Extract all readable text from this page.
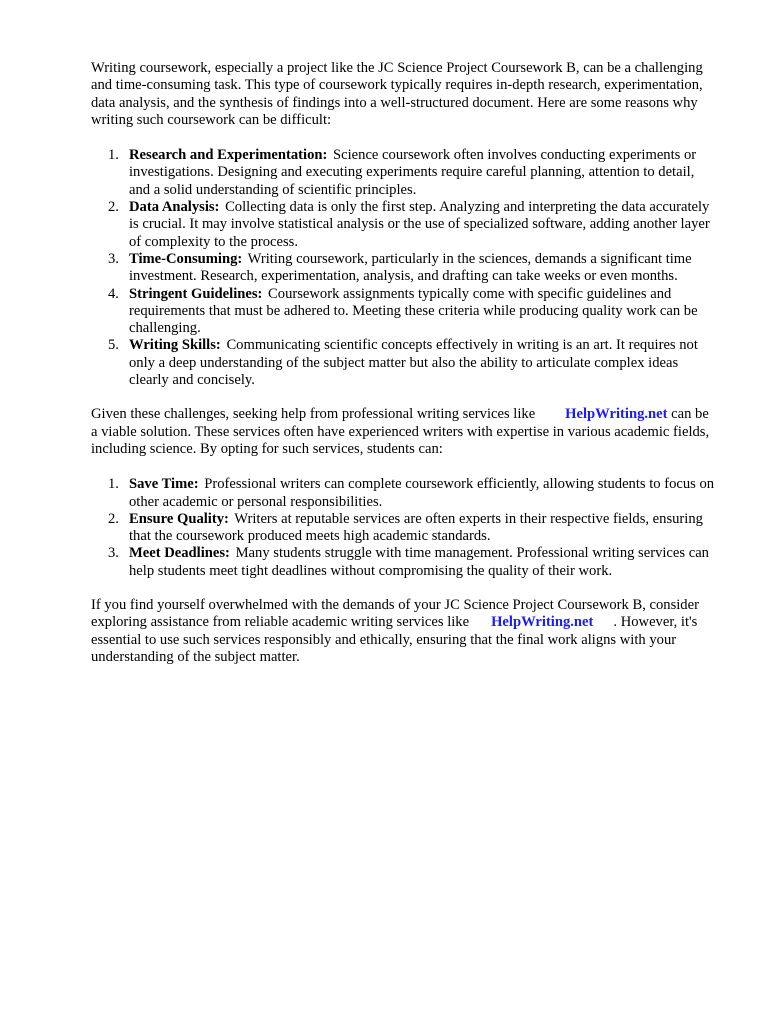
Writing coursework, especially a project like the JC Science Project Coursework B, can be a challenging and time-consuming task. This type of coursework typically requires in-depth research, experimentation, data analysis, and the synthesis of findings into a well-structured document. Here are some reasons why writing such coursework can be difficult:

1. Research and Experimentation: Science coursework often involves conducting experiments or investigations. Designing and executing experiments require careful planning, attention to detail, and a solid understanding of scientific principles.
2. Data Analysis: Collecting data is only the first step. Analyzing and interpreting the data accurately is crucial. It may involve statistical analysis or the use of specialized software, adding another layer of complexity to the process.
3. Time-Consuming: Writing coursework, particularly in the sciences, demands a significant time investment. Research, experimentation, analysis, and drafting can take weeks or even months.
4. Stringent Guidelines: Coursework assignments typically come with specific guidelines and requirements that must be adhered to. Meeting these criteria while producing quality work can be challenging.
5. Writing Skills: Communicating scientific concepts effectively in writing is an art. It requires not only a deep understanding of the subject matter but also the ability to articulate complex ideas clearly and concisely.

Given these challenges, seeking help from professional writing services like HelpWriting.net can be a viable solution. These services often have experienced writers with expertise in various academic fields, including science. By opting for such services, students can:

1. Save Time: Professional writers can complete coursework efficiently, allowing students to focus on other academic or personal responsibilities.
2. Ensure Quality: Writers at reputable services are often experts in their respective fields, ensuring that the coursework produced meets high academic standards.
3. Meet Deadlines: Many students struggle with time management. Professional writing services can help students meet tight deadlines without compromising the quality of their work.

If you find yourself overwhelmed with the demands of your JC Science Project Coursework B, consider exploring assistance from reliable academic writing services like HelpWriting.net . However, it's essential to use such services responsibly and ethically, ensuring that the final work aligns with your understanding of the subject matter.
